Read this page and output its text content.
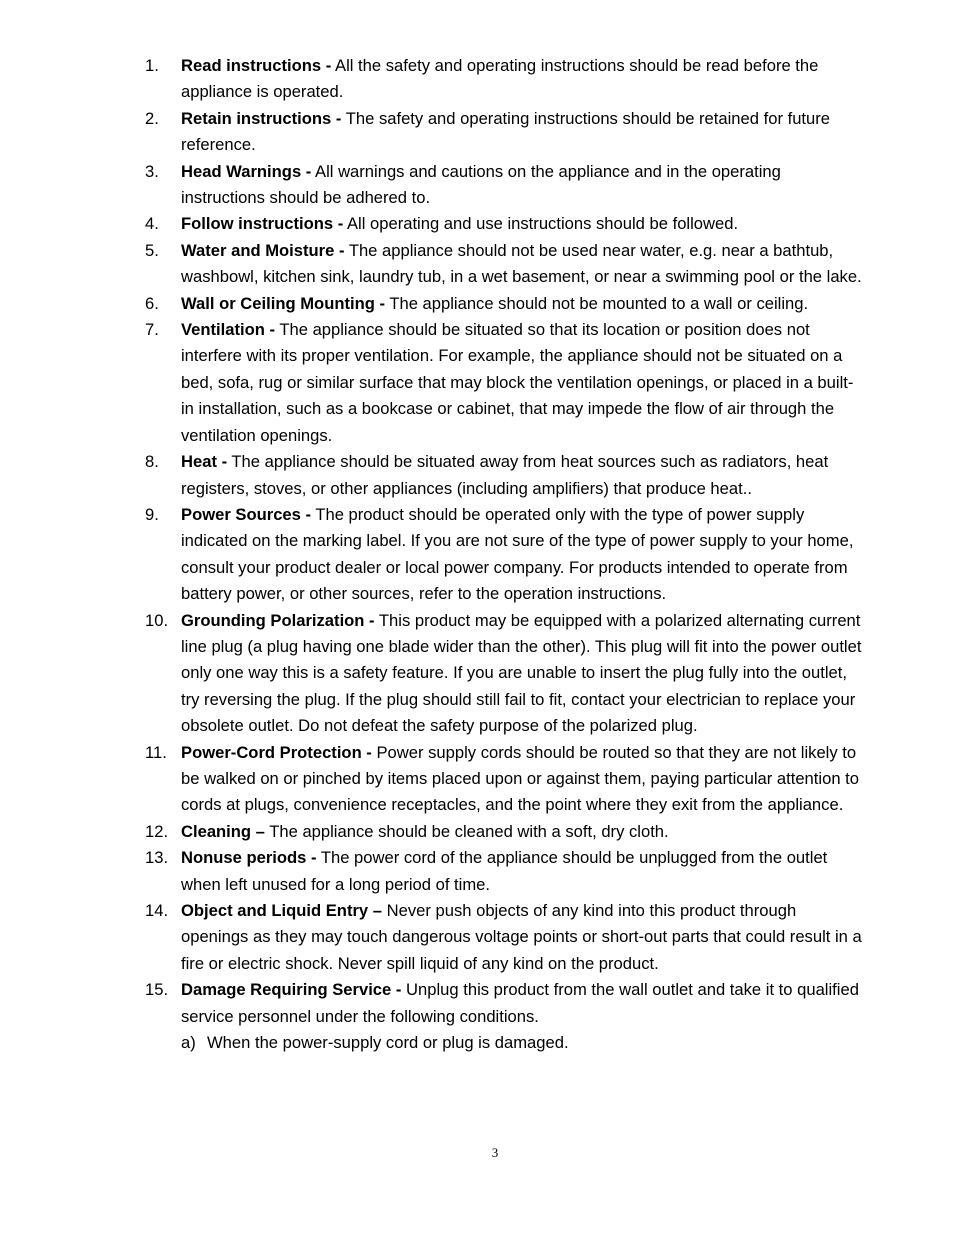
1. Read instructions - All the safety and operating instructions should be read before the appliance is operated.
2. Retain instructions - The safety and operating instructions should be retained for future reference.
3. Head Warnings - All warnings and cautions on the appliance and in the operating instructions should be adhered to.
4. Follow instructions - All operating and use instructions should be followed.
5. Water and Moisture - The appliance should not be used near water, e.g. near a bathtub, washbowl, kitchen sink, laundry tub, in a wet basement, or near a swimming pool or the lake.
6. Wall or Ceiling Mounting - The appliance should not be mounted to a wall or ceiling.
7. Ventilation - The appliance should be situated so that its location or position does not interfere with its proper ventilation. For example, the appliance should not be situated on a bed, sofa, rug or similar surface that may block the ventilation openings, or placed in a built-in installation, such as a bookcase or cabinet, that may impede the flow of air through the ventilation openings.
8. Heat - The appliance should be situated away from heat sources such as radiators, heat registers, stoves, or other appliances (including amplifiers) that produce heat..
9. Power Sources - The product should be operated only with the type of power supply indicated on the marking label. If you are not sure of the type of power supply to your home, consult your product dealer or local power company. For products intended to operate from battery power, or other sources, refer to the operation instructions.
10. Grounding Polarization - This product may be equipped with a polarized alternating current line plug (a plug having one blade wider than the other). This plug will fit into the power outlet only one way this is a safety feature. If you are unable to insert the plug fully into the outlet, try reversing the plug. If the plug should still fail to fit, contact your electrician to replace your obsolete outlet. Do not defeat the safety purpose of the polarized plug.
11. Power-Cord Protection - Power supply cords should be routed so that they are not likely to be walked on or pinched by items placed upon or against them, paying particular attention to cords at plugs, convenience receptacles, and the point where they exit from the appliance.
12. Cleaning – The appliance should be cleaned with a soft, dry cloth.
13. Nonuse periods - The power cord of the appliance should be unplugged from the outlet when left unused for a long period of time.
14. Object and Liquid Entry – Never push objects of any kind into this product through openings as they may touch dangerous voltage points or short-out parts that could result in a fire or electric shock. Never spill liquid of any kind on the product.
15. Damage Requiring Service - Unplug this product from the wall outlet and take it to qualified service personnel under the following conditions.
a) When the power-supply cord or plug is damaged.
3
